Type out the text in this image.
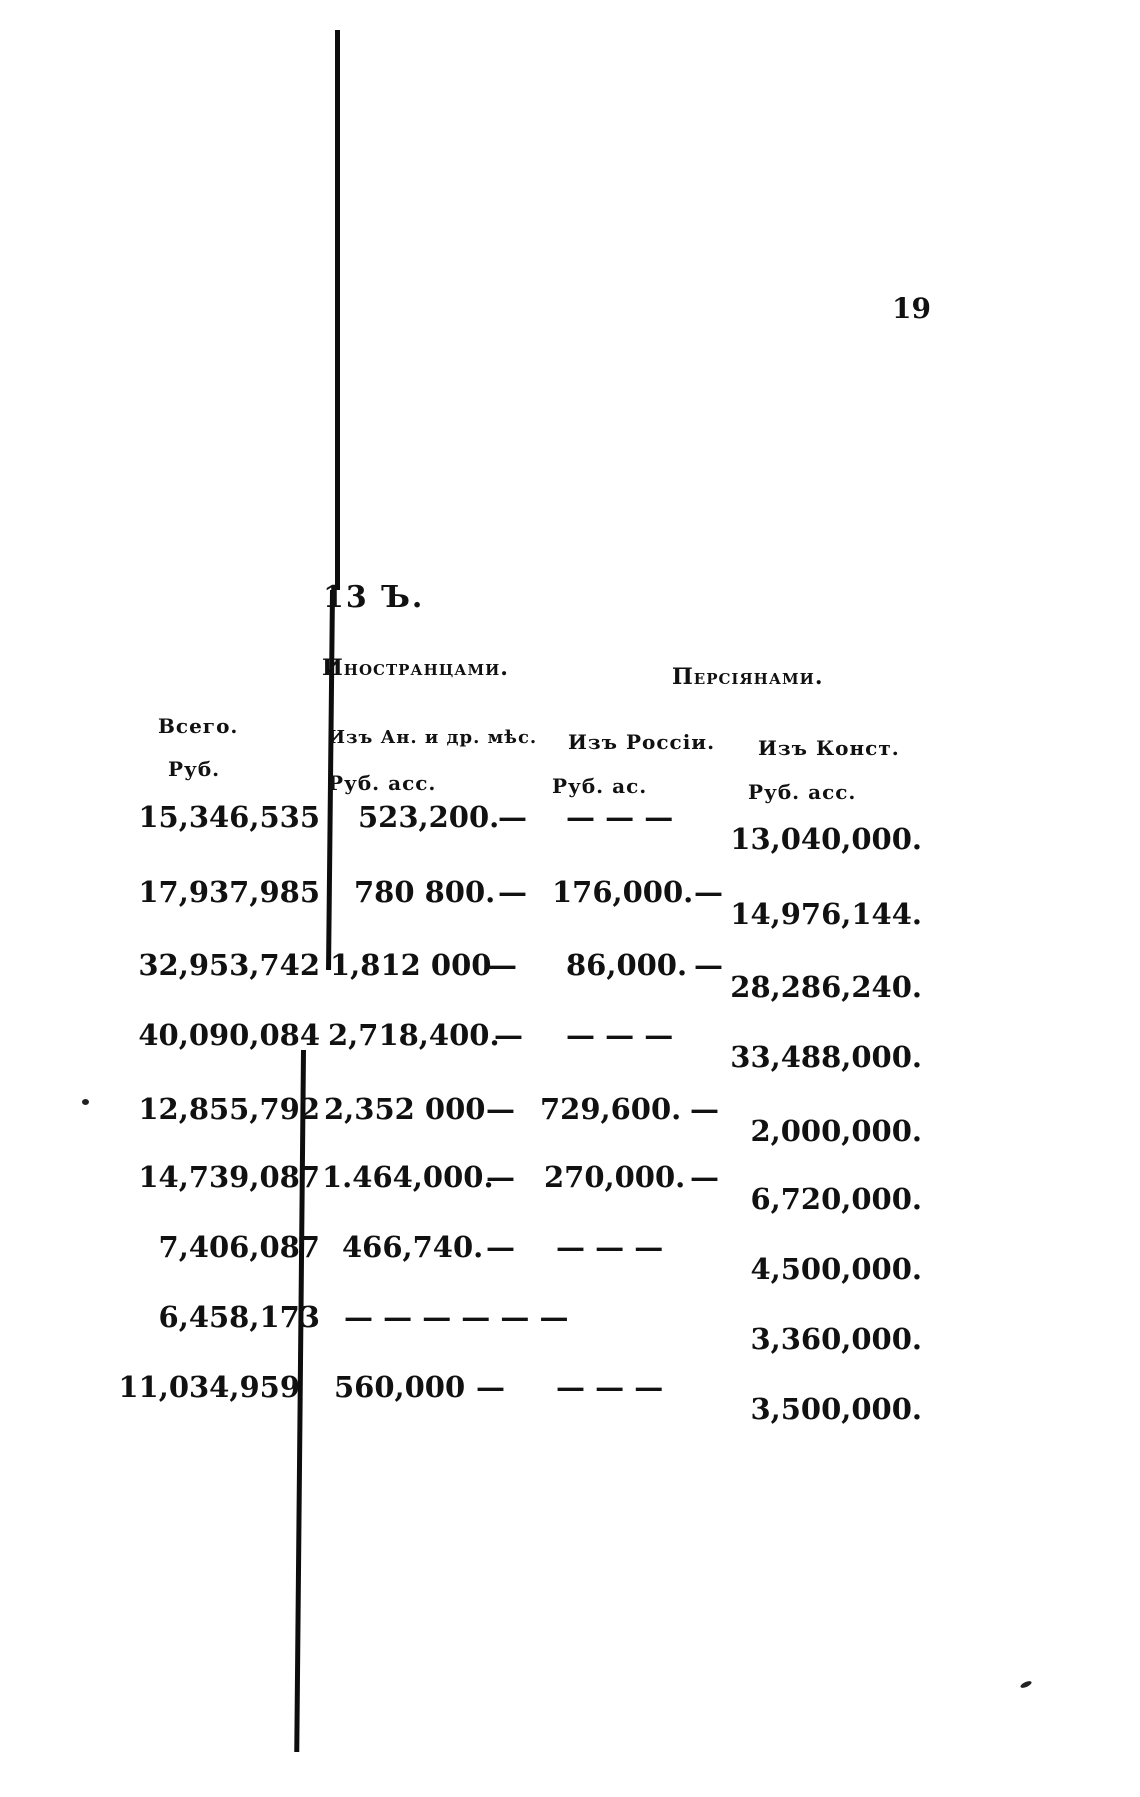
19
13 Ъ.
Иностранцами.	Персіянами.
Всего.
Руб.
Изъ Ан. и др. мѣс.
Руб. асс.
Изъ Россіи.
Руб. ас.
Изъ Конст.
Руб. асс.
15,346,535 523,200.
— — — —
13,040,000.
17,937,985 780 800. — 176,000. —
14,976,144.
32,953,742 1,812 000
— 86,000. —
28,286,240.
40,090,084 2,718,400.
— — — —
33,488,000.
12,855,792 2,352 000 — 729,600. —
2,000,000.
14,739,087 1.464,000.
— 270,000. —
6,720,000.
7,406,087 466,740. — — — —
4,500,000.
6,458,173 — — — — — —
3,360,000.
11,034,959 560,000 — — — —
3,500,000.
